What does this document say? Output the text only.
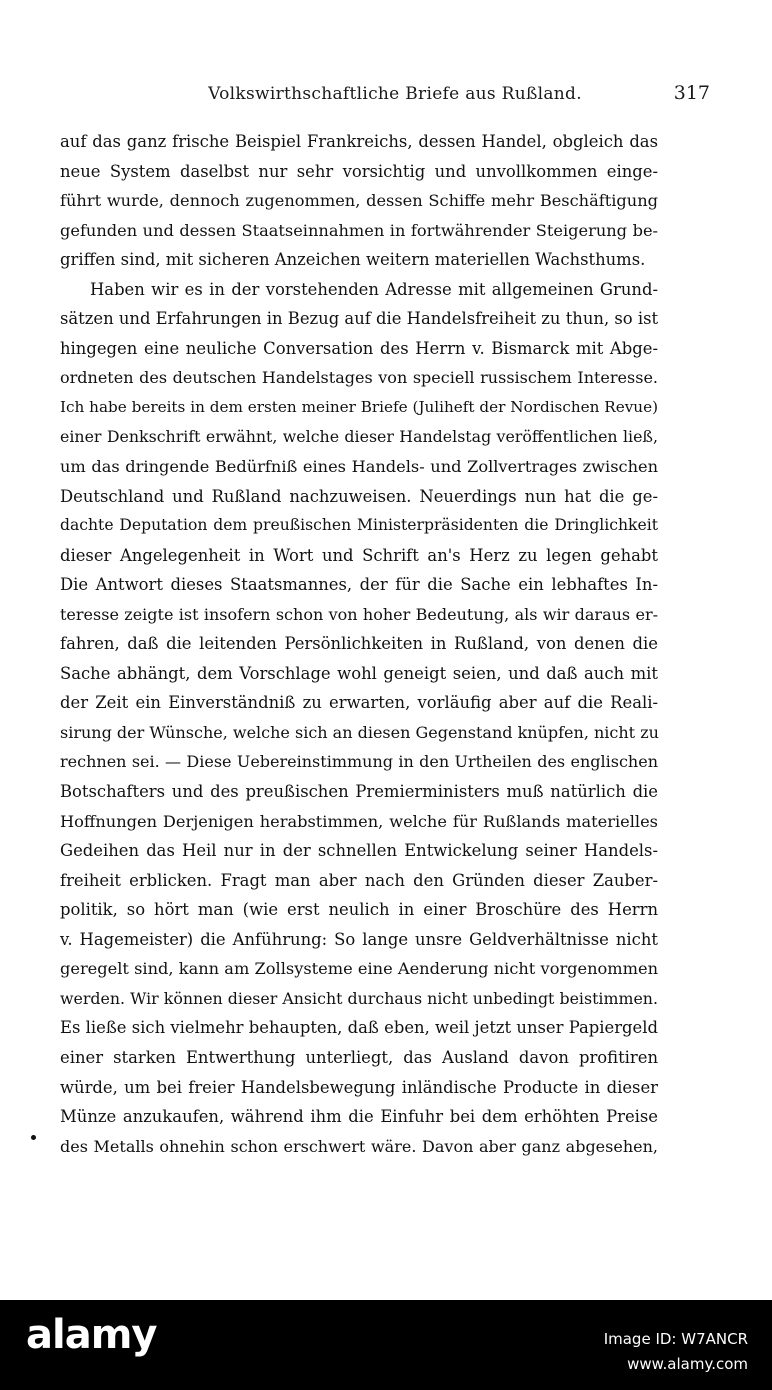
Volkswirthschaftliche Briefe aus Rußland.	317
auf das ganz frische Beispiel Frankreichs, dessen Handel, obgleich das
neue System daselbst nur sehr vorsichtig und unvollkommen einge-
führt wurde, dennoch zugenommen, dessen Schiffe mehr Beschäftigung
gefunden und dessen Staatseinnahmen in fortwährender Steigerung be-
griffen sind, mit sicheren Anzeichen weitern materiellen Wachsthums.
Haben wir es in der vorstehenden Adresse mit allgemeinen Grund-
sätzen und Erfahrungen in Bezug auf die Handelsfreiheit zu thun, so ist
hingegen eine neuliche Conversation des Herrn v. Bismarck mit Abge-
ordneten des deutschen Handelstages von speciell russischem Interesse.
Ich habe bereits in dem ersten meiner Briefe (Juliheft der Nordischen Revue)
einer Denkschrift erwähnt, welche dieser Handelstag veröffentlichen ließ,
um das dringende Bedürfniß eines Handels- und Zollvertrages zwischen
Deutschland und Rußland nachzuweisen. Neuerdings nun hat die ge-
dachte Deputation dem preußischen Ministerpräsidenten die Dringlichkeit
dieser Angelegenheit in Wort und Schrift an's Herz zu legen gehabt
Die Antwort dieses Staatsmannes, der für die Sache ein lebhaftes In-
teresse zeigte ist insofern schon von hoher Bedeutung, als wir daraus er-
fahren, daß die leitenden Persönlichkeiten in Rußland, von denen die
Sache abhängt, dem Vorschlage wohl geneigt seien, und daß auch mit
der Zeit ein Einverständniß zu erwarten, vorläufig aber auf die Reali-
sirung der Wünsche, welche sich an diesen Gegenstand knüpfen, nicht zu
rechnen sei. — Diese Uebereinstimmung in den Urtheilen des englischen
Botschafters und des preußischen Premierministers muß natürlich die
Hoffnungen Derjenigen herabstimmen, welche für Rußlands materielles
Gedeihen das Heil nur in der schnellen Entwickelung seiner Handels-
freiheit erblicken. Fragt man aber nach den Gründen dieser Zauber-
politik, so hört man (wie erst neulich in einer Broschüre des Herrn
v. Hagemeister) die Anführung: So lange unsre Geldverhältnisse nicht
geregelt sind, kann am Zollsysteme eine Aenderung nicht vorgenommen
werden. Wir können dieser Ansicht durchaus nicht unbedingt beistimmen.
Es ließe sich vielmehr behaupten, daß eben, weil jetzt unser Papiergeld
einer starken Entwerthung unterliegt, das Ausland davon profitiren
würde, um bei freier Handelsbewegung inländische Producte in dieser
Münze anzukaufen, während ihm die Einfuhr bei dem erhöhten Preise
des Metalls ohnehin schon erschwert wäre. Davon aber ganz abgesehen,
alamy	Image ID: W7ANCR
www.alamy.com
